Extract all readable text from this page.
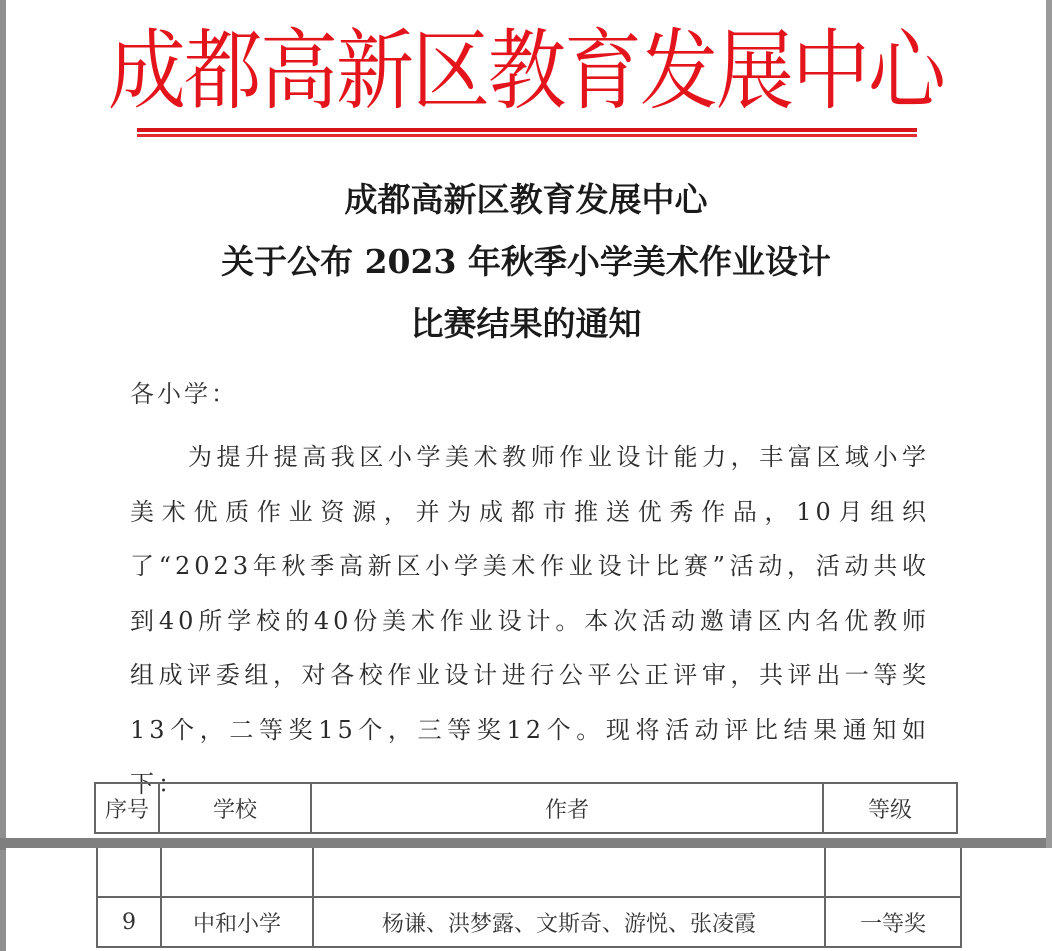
成都高新区教育发展中心
成都高新区教育发展中心
关于公布 2023 年秋季小学美术作业设计
比赛结果的通知
各小学：
为提升提高我区小学美术教师作业设计能力，丰富区域小学美术优质作业资源，并为成都市推送优秀作品，10月组织了“2023年秋季高新区小学美术作业设计比赛”活动，活动共收到40所学校的40份美术作业设计。本次活动邀请区内名优教师组成评委组，对各校作业设计进行公平公正评审，共评出一等奖13个，二等奖15个，三等奖12个。现将活动评比结果通知如下：
序号	学校	作者	等级

9	中和小学	杨谦、洪梦露、文斯奇、游悦、张凌霞	一等奖
